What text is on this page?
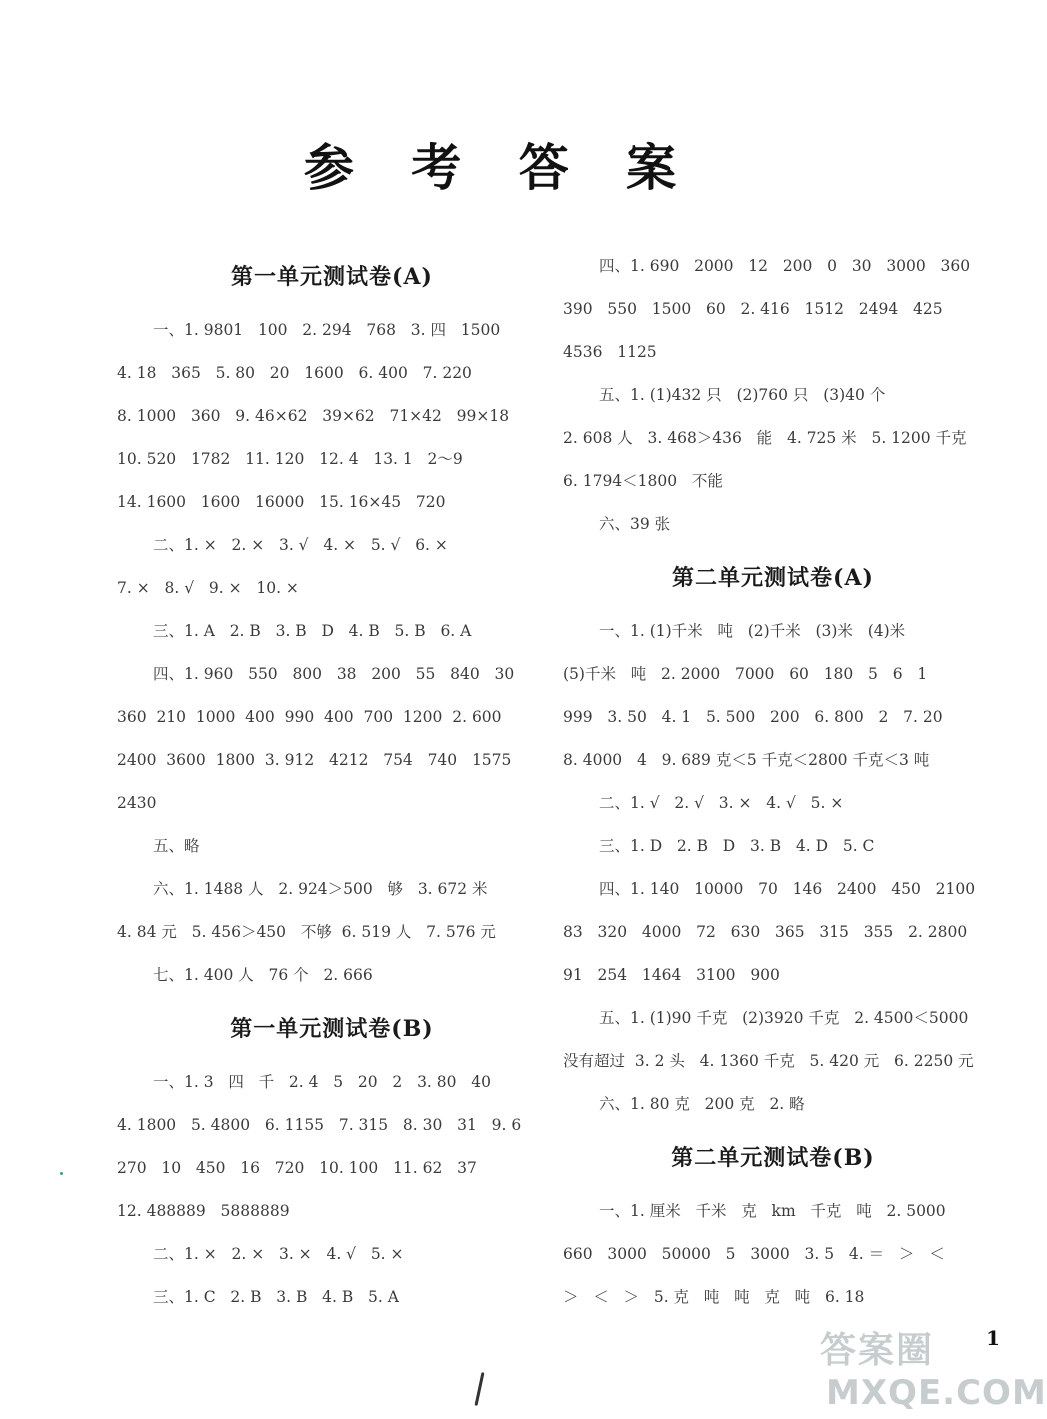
参 考 答 案
第一单元测试卷(A)
一、1. 9801   100   2. 294   768   3. 四   1500
4. 18   365   5. 80   20   1600   6. 400   7. 220
8. 1000   360   9. 46×62   39×62   71×42   99×18
10. 520   1782   11. 120   12. 4   13. 1   2～9
14. 1600   1600   16000   15. 16×45   720
二、1. ×   2. ×   3. √   4. ×   5. √   6. ×
7. ×   8. √   9. ×   10. ×
三、1. A   2. B   3. B   D   4. B   5. B   6. A
四、1. 960   550   800   38   200   55   840   30
360  210  1000  400  990  400  700  1200  2. 600
2400  3600  1800  3. 912   4212   754   740   1575
2430
五、略
六、1. 1488 人   2. 924＞500   够   3. 672 米
4. 84 元   5. 456＞450   不够  6. 519 人   7. 576 元
七、1. 400 人   76 个   2. 666
第一单元测试卷(B)
一、1. 3   四   千   2. 4   5   20   2   3. 80   40
4. 1800   5. 4800   6. 1155   7. 315   8. 30   31   9. 6
270   10   450   16   720   10. 100   11. 62   37
12. 488889   5888889
二、1. ×   2. ×   3. ×   4. √   5. ×
三、1. C   2. B   3. B   4. B   5. A
四、1. 690   2000   12   200   0   30   3000   360
390   550   1500   60   2. 416   1512   2494   425
4536   1125
五、1. (1)432 只   (2)760 只   (3)40 个
2. 608 人   3. 468＞436   能   4. 725 米   5. 1200 千克
6. 1794＜1800   不能
六、39 张
第二单元测试卷(A)
一、1. (1)千米   吨   (2)千米   (3)米   (4)米
(5)千米   吨   2. 2000   7000   60   180   5   6   1
999   3. 50   4. 1   5. 500   200   6. 800   2   7. 20
8. 4000   4   9. 689 克＜5 千克＜2800 千克＜3 吨
二、1. √   2. √   3. ×   4. √   5. ×
三、1. D   2. B   D   3. B   4. D   5. C
四、1. 140   10000   70   146   2400   450   2100
83   320   4000   72   630   365   315   355   2. 2800
91   254   1464   3100   900
五、1. (1)90 千克   (2)3920 千克   2. 4500＜5000
没有超过  3. 2 头   4. 1360 千克   5. 420 元   6. 2250 元
六、1. 80 克   200 克   2. 略
第二单元测试卷(B)
一、1. 厘米   千米   克   km   千克   吨   2. 5000
660   3000   50000   5   3000   3. 5   4. ＝   ＞   ＜
＞   ＜   ＞   5. 克   吨   吨   克   吨   6. 18
答案圈
MXQE.COM
1
